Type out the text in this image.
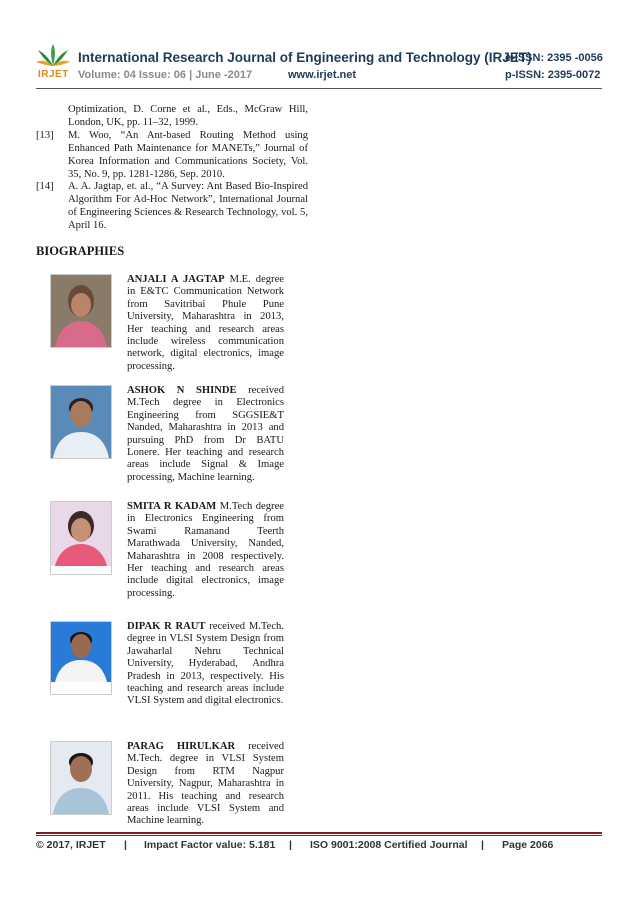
IRJET
International Research Journal of Engineering and Technology (IRJET)
e-ISSN: 2395 -0056
Volume: 04 Issue: 06 | June -2017	www.irjet.net	p-ISSN: 2395-0072
Optimization, D. Corne et al., Eds., McGraw Hill, London, UK, pp. 11–32, 1999.
[13] M. Woo, “An Ant-based Routing Method using Enhanced Path Maintenance for MANETs,” Journal of Korea Information and Communications Society, Vol. 35, No. 9, pp. 1281-1286, Sep. 2010.
[14] A. A. Jagtap, et. al., “A Survey: Ant Based Bio-Inspired Algorithm For Ad-Hoc Network”, International Journal of Engineering Sciences & Research Technology, vol. 5, April 16.
BIOGRAPHIES
ANJALI A JAGTAP M.E. degree in E&TC Communication Network from Savitribai Phule Pune University, Maharashtra in 2013, Her teaching and research areas include wireless communication network, digital electronics, image processing.
ASHOK N SHINDE received M.Tech degree in Electronics Engineering from SGGSIE&T Nanded, Maharashtra in 2013 and pursuing PhD from Dr BATU Lonere. Her teaching and research areas include Signal & Image processing, Machine learning.
SMITA R KADAM M.Tech degree in Electronics Engineering from Swami Ramanand Teerth Marathwada University, Nanded, Maharashtra in 2008 respectively. Her teaching and research areas include digital electronics, image processing.
DIPAK R RAUT received M.Tech. degree in VLSI System Design from Jawaharlal Nehru Technical University, Hyderabad, Andhra Pradesh in 2013, respectively. His teaching and research areas include VLSI System and digital electronics.
PARAG HIRULKAR received M.Tech. degree in VLSI System Design from RTM Nagpur University, Nagpur, Maharashtra in 2011. His teaching and research areas include VLSI System and Machine learning.
© 2017, IRJET | Impact Factor value: 5.181 | ISO 9001:2008 Certified Journal | Page 2066
